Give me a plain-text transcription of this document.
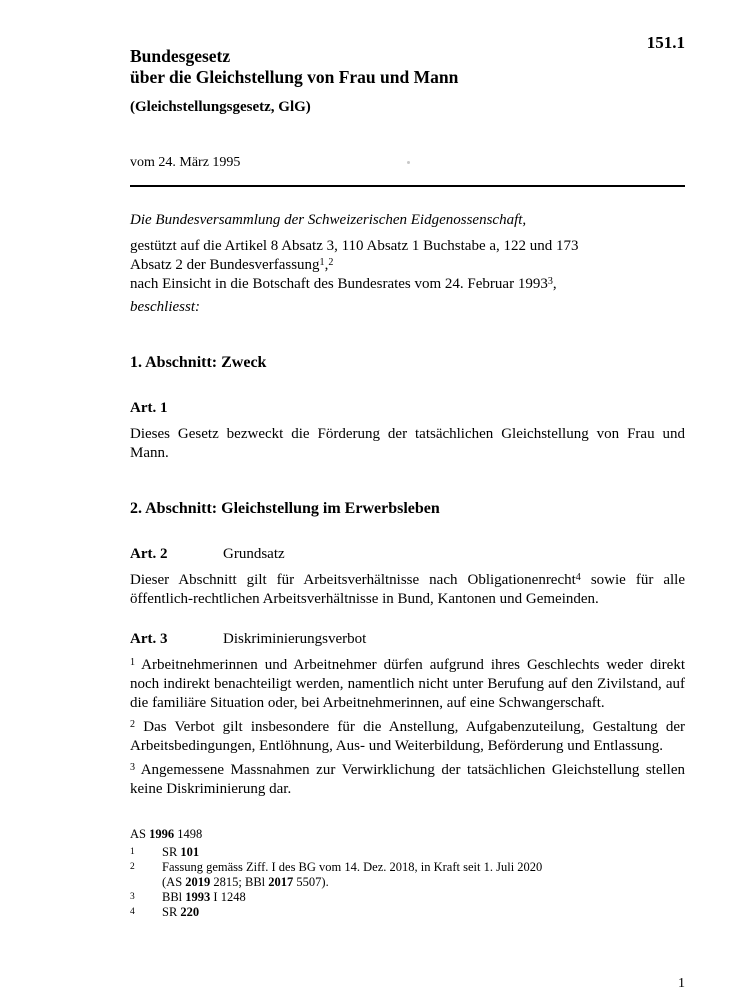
151.1
Bundesgesetz
über die Gleichstellung von Frau und Mann
(Gleichstellungsgesetz, GlG)
vom 24. März 1995

Die Bundesversammlung der Schweizerischen Eidgenossenschaft,

gestützt auf die Artikel 8 Absatz 3, 110 Absatz 1 Buchstabe a, 122 und 173
Absatz 2 der Bundesverfassung$^1$,$^2$

nach Einsicht in die Botschaft des Bundesrates vom 24. Februar 1993$^3$,

beschliesst:

1. Abschnitt: Zweck
Art. 1

Dieses Gesetz bezweckt die Förderung der tatsächlichen Gleichstellung von Frau und Mann.

2. Abschnitt: Gleichstellung im Erwerbsleben
Art. 2	Grundsatz

Dieser Abschnitt gilt für Arbeitsverhältnisse nach Obligationenrecht$^4$ sowie für alle öffentlich-rechtlichen Arbeitsverhältnisse in Bund, Kantonen und Gemeinden.

Art. 3	Diskriminierungsverbot

$^1$ Arbeitnehmerinnen und Arbeitnehmer dürfen aufgrund ihres Geschlechts weder direkt noch indirekt benachteiligt werden, namentlich nicht unter Berufung auf den Zivilstand, auf die familiäre Situation oder, bei Arbeitnehmerinnen, auf eine Schwangerschaft.

$^2$ Das Verbot gilt insbesondere für die Anstellung, Aufgabenzuteilung, Gestaltung der Arbeitsbedingungen, Entlöhnung, Aus- und Weiterbildung, Beförderung und Entlassung.

$^3$ Angemessene Massnahmen zur Verwirklichung der tatsächlichen Gleichstellung stellen keine Diskriminierung dar.

AS 1996 1498
1 SR 101
2 Fassung gemäss Ziff. I des BG vom 14. Dez. 2018, in Kraft seit 1. Juli 2020
(AS 2019 2815; BBl 2017 5507).
3 BBl 1993 I 1248
4 SR 220
1
